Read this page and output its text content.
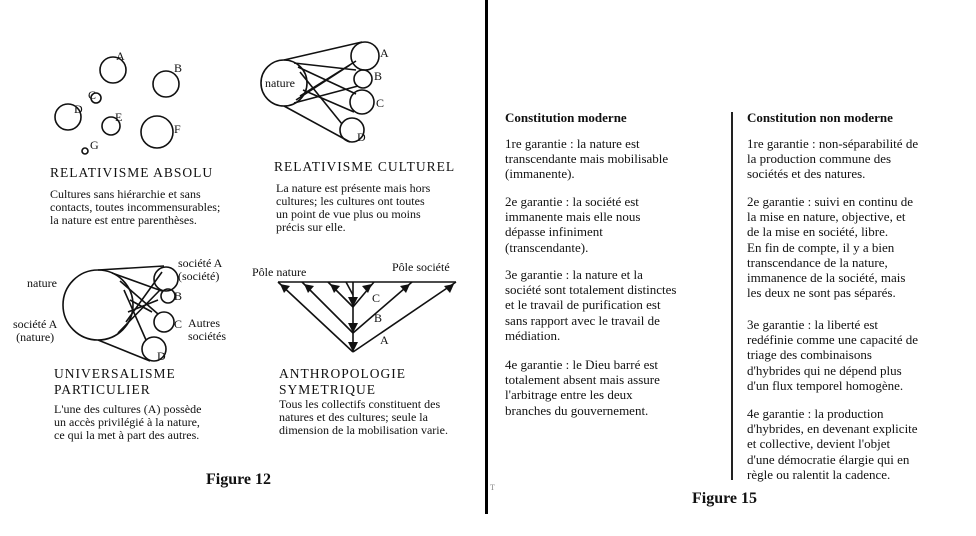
A
B
C
D
E
F
G
nature
A
B
C
D
nature
B
C
D
Pôle nature	Pôle société
C
B
A
société A
(société)
société A
(nature)
Autres
sociétés
RELATIVISME ABSOLU
Cultures sans hiérarchie et sans
contacts, toutes incommensurables;
la nature est entre parenthèses.
RELATIVISME CULTUREL
La nature est présente mais hors
cultures; les cultures ont toutes
un point de vue plus ou moins
précis sur elle.
UNIVERSALISME
PARTICULIER
L'une des cultures (A) possède
un accès privilégié à la nature,
ce qui la met à part des autres.
ANTHROPOLOGIE
SYMETRIQUE
Tous les collectifs constituent des
natures et des cultures; seule la
dimension de la mobilisation varie.
Figure 12	T
Constitution moderne
1re garantie : la nature est
transcendante mais mobilisable
(immanente).
2e garantie : la société est
immanente mais elle nous
dépasse infiniment
(transcendante).
3e garantie : la nature et la
société sont totalement distinctes
et le travail de purification est
sans rapport avec le travail de
médiation.
4e garantie : le Dieu barré est
totalement absent mais assure
l'arbitrage entre les deux
branches du gouvernement.
Constitution non moderne
1re garantie : non-séparabilité de
la production commune des
sociétés et des natures.
2e garantie : suivi en continu de
la mise en nature, objective, et
de la mise en société, libre.
En fin de compte, il y a bien
transcendance de la nature,
immanence de la société, mais
les deux ne sont pas séparés.
3e garantie : la liberté est
redéfinie comme une capacité de
triage des combinaisons
d'hybrides qui ne dépend plus
d'un flux temporel homogène.
4e garantie : la production
d'hybrides, en devenant explicite
et collective, devient l'objet
d'une démocratie élargie qui en
règle ou ralentit la cadence.
Figure 15
